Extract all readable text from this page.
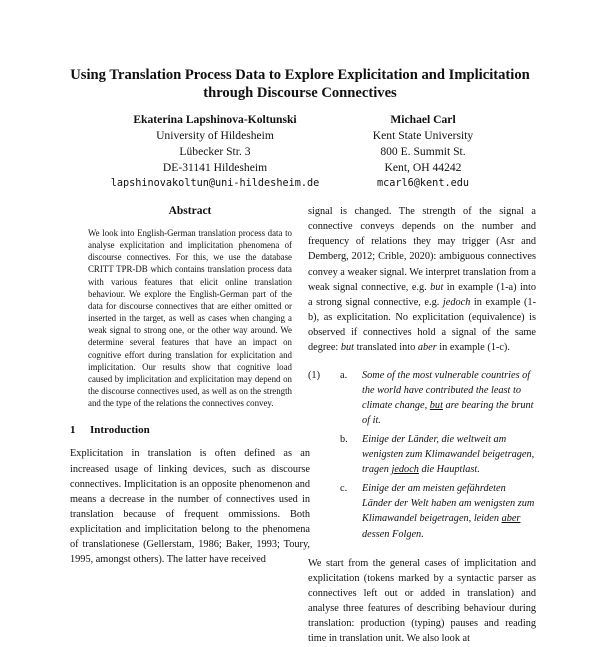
Using Translation Process Data to Explore Explicitation and Implicitation
through Discourse Connectives
Ekaterina Lapshinova-Koltunski
University of Hildesheim
Lübecker Str. 3
DE-31141 Hildesheim
lapshinovakoltun@uni-hildesheim.de
Michael Carl
Kent State University
800 E. Summit St.
Kent, OH 44242
mcarl6@kent.edu
Abstract

We look into English-German translation process data to analyse explicitation and implicitation phenomena of discourse connectives. For this, we use the database CRITT TPR-DB which contains translation process data with various features that elicit online translation behaviour. We explore the English-German part of the data for discourse connectives that are either omitted or inserted in the target, as well as cases when changing a weak signal to strong one, or the other way around. We determine several features that have an impact on cognitive effort during translation for explicitation and implicitation. Our results show that cognitive load caused by implicitation and explicitation may depend on the discourse connectives used, as well as on the strength and the type of the relations the connectives convey.

1 Introduction

Explicitation in translation is often defined as an increased usage of linking devices, such as discourse connectives. Implicitation is an opposite phenomenon and means a decrease in the number of connectives used in translation because of frequent ommissions. Both explicitation and implicitation belong to the phenomena of translationese (Gellerstam, 1986; Baker, 1993; Toury, 1995, amongst others). The latter have received

signal is changed. The strength of the signal a connective conveys depends on the number and frequency of relations they may trigger (Asr and Demberg, 2012; Crible, 2020): ambiguous connectives convey a weaker signal. We interpret translation from a weak signal connective, e.g. but in example (1-a) into a strong signal connective, e.g. jedoch in example (1-b), as explicitation. No explicitation (equivalence) is observed if connectives hold a signal of the same degree: but translated into aber in example (1-c).

(1) a. Some of the most vulnerable countries of the world have contributed the least to climate change, but are bearing the brunt of it.
b. Einige der Länder, die weltweit am wenigsten zum Klimawandel beigetragen, tragen jedoch die Hauptlast.
c. Einige der am meisten gefährdeten Länder der Welt haben am wenigsten zum Klimawandel beigetragen, leiden aber dessen Folgen.

We start from the general cases of implicitation and explicitation (tokens marked by a syntactic parser as connectives left out or added in translation) and analyse three features of describing behaviour during translation: production (typing) pauses and reading time in translation unit. We also look at
